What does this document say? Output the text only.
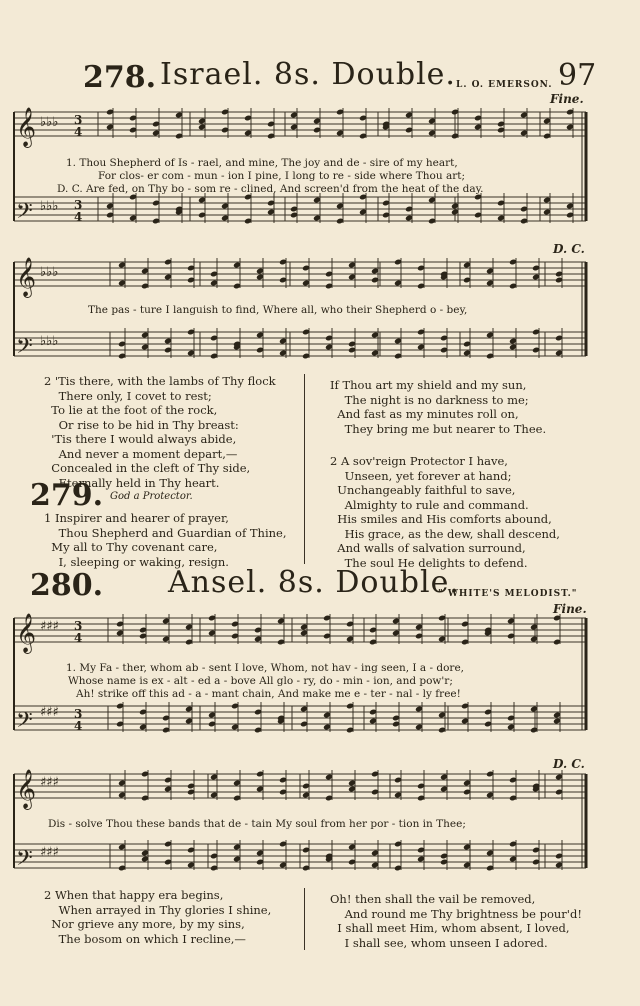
278. Israel. 8s. Double. L. O. EMERSON. 97
Fine.
𝄞
𝄢
𝄞
𝄢
𝄞
𝄢
𝄞
𝄢
♭♭♭ 3
4
♭♭♭ 3
4
♭♭♭
♭♭♭
♯♯♯ 3
4
♯♯♯ 3
4
♯♯♯
♯♯♯
1. Thou Shepherd of Is - rael, and mine, The joy and de - sire of my heart,
For clos- er com - mun - ion I pine, I long to re - side where Thou art;
D. C. Are fed, on Thy bo - som re - clined, And screen'd from the heat of the day.
D. C.
The pas - ture I languish to find, Where all, who their Shepherd o - bey,
2 'Tis there, with the lambs of Thy flock
There only, I covet to rest;
To lie at the foot of the rock,
Or rise to be hid in Thy breast:
'Tis there I would always abide,
And never a moment depart,—
Concealed in the cleft of Thy side,
Eternally held in Thy heart.
If Thou art my shield and my sun,
The night is no darkness to me;
And fast as my minutes roll on,
They bring me but nearer to Thee.
279. God a Protector.
1 Inspirer and hearer of prayer,
Thou Shepherd and Guardian of Thine,
My all to Thy covenant care,
I, sleeping or waking, resign.
2 A sov'reign Protector I have,
Unseen, yet forever at hand;
Unchangeably faithful to save,
Almighty to rule and command.
His smiles and His comforts abound,
His grace, as the dew, shall descend,
And walls of salvation surround,
The soul He delights to defend.
280. Ansel. 8s. Double.
" WHITE'S MELODIST."
Fine.
1. My Fa - ther, whom ab - sent I love, Whom, not hav - ing seen, I a - dore,
Whose name is ex - alt - ed a - bove All glo - ry, do - min - ion, and pow'r;
Ah! strike off this ad - a - mant chain, And make me e - ter - nal - ly free!
D. C.
Dis - solve Thou these bands that de - tain My soul from her por - tion in Thee;
2 When that happy era begins,
When arrayed in Thy glories I shine,
Nor grieve any more, by my sins,
The bosom on which I recline,—
Oh! then shall the vail be removed,
And round me Thy brightness be pour'd!
I shall meet Him, whom absent, I loved,
I shall see, whom unseen I adored.
